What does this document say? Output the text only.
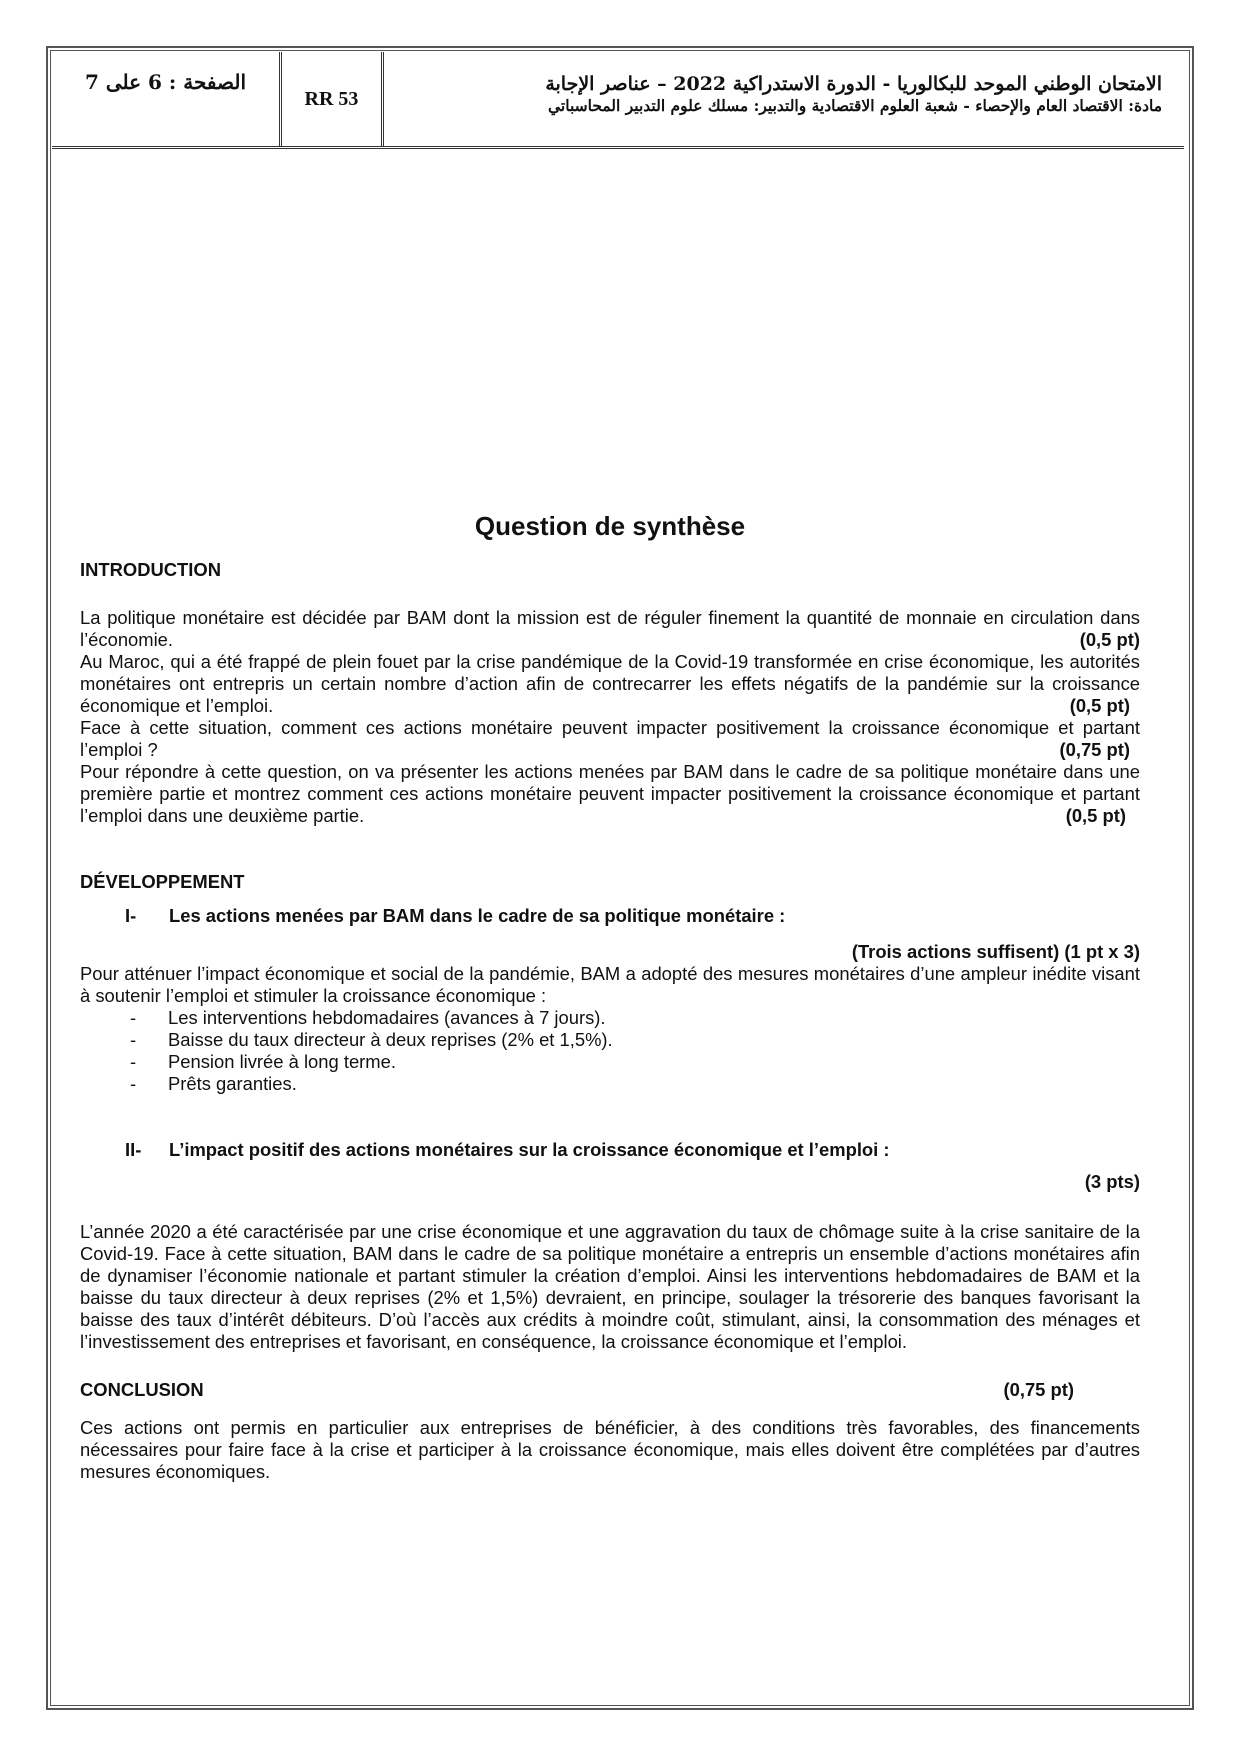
الصفحة : 6 على 7
RR 53
الامتحان الوطني الموحد للبكالوريا - الدورة الاستدراكية 2022 – عناصر الإجابة
مادة: الاقتصاد العام والإحصاء - شعبة العلوم الاقتصادية والتدبير: مسلك علوم التدبير المحاسباتي
Question de synthèse

INTRODUCTION

La politique monétaire est décidée par BAM dont la mission est de réguler finement la quantité de monnaie en circulation dans l’économie.	(0,5 pt)

Au Maroc, qui a été frappé de plein fouet par la crise pandémique de la Covid-19 transformée en crise économique, les autorités monétaires ont entrepris un certain nombre d’action afin de contrecarrer les effets négatifs de la pandémie sur la croissance économique et l’emploi.	(0,5 pt)

Face à cette situation, comment ces actions monétaire peuvent impacter positivement la croissance économique et partant l’emploi ?	(0,75 pt)

Pour répondre à cette question, on va présenter les actions menées par BAM dans le cadre de sa politique monétaire dans une première partie et montrez comment ces actions monétaire peuvent impacter positivement la croissance économique et partant l’emploi dans une deuxième partie.	(0,5 pt)

DÉVELOPPEMENT

I-	Les actions menées par BAM dans le cadre de sa politique monétaire :

(Trois actions suffisent) (1 pt x 3)

Pour atténuer l’impact économique et social de la pandémie, BAM a adopté des mesures monétaires d’une ampleur inédite visant à soutenir l’emploi et stimuler la croissance économique :

-	Les interventions hebdomadaires (avances à 7 jours).
-	Baisse du taux directeur à deux reprises (2% et 1,5%).
-	Pension livrée à long terme.
-	Prêts garanties.

II-	L’impact positif des actions monétaires sur la croissance économique et l’emploi :

(3 pts)

L’année 2020 a été caractérisée par une crise économique et une aggravation du taux de chômage suite à la crise sanitaire de la Covid-19. Face à cette situation, BAM dans le cadre de sa politique monétaire a entrepris un ensemble d’actions monétaires afin de dynamiser l’économie nationale et partant stimuler la création d’emploi. Ainsi les interventions hebdomadaires de BAM et la baisse du taux directeur à deux reprises (2% et 1,5%) devraient, en principe, soulager la trésorerie des banques favorisant la baisse des taux d’intérêt débiteurs. D’où l’accès aux crédits à moindre coût, stimulant, ainsi, la consommation des ménages et l’investissement des entreprises et favorisant, en conséquence, la croissance économique et l’emploi.

CONCLUSION	(0,75 pt)

Ces actions ont permis en particulier aux entreprises de bénéficier, à des conditions très favorables, des financements nécessaires pour faire face à la crise et participer à la croissance économique, mais elles doivent être complétées par d’autres mesures économiques.
